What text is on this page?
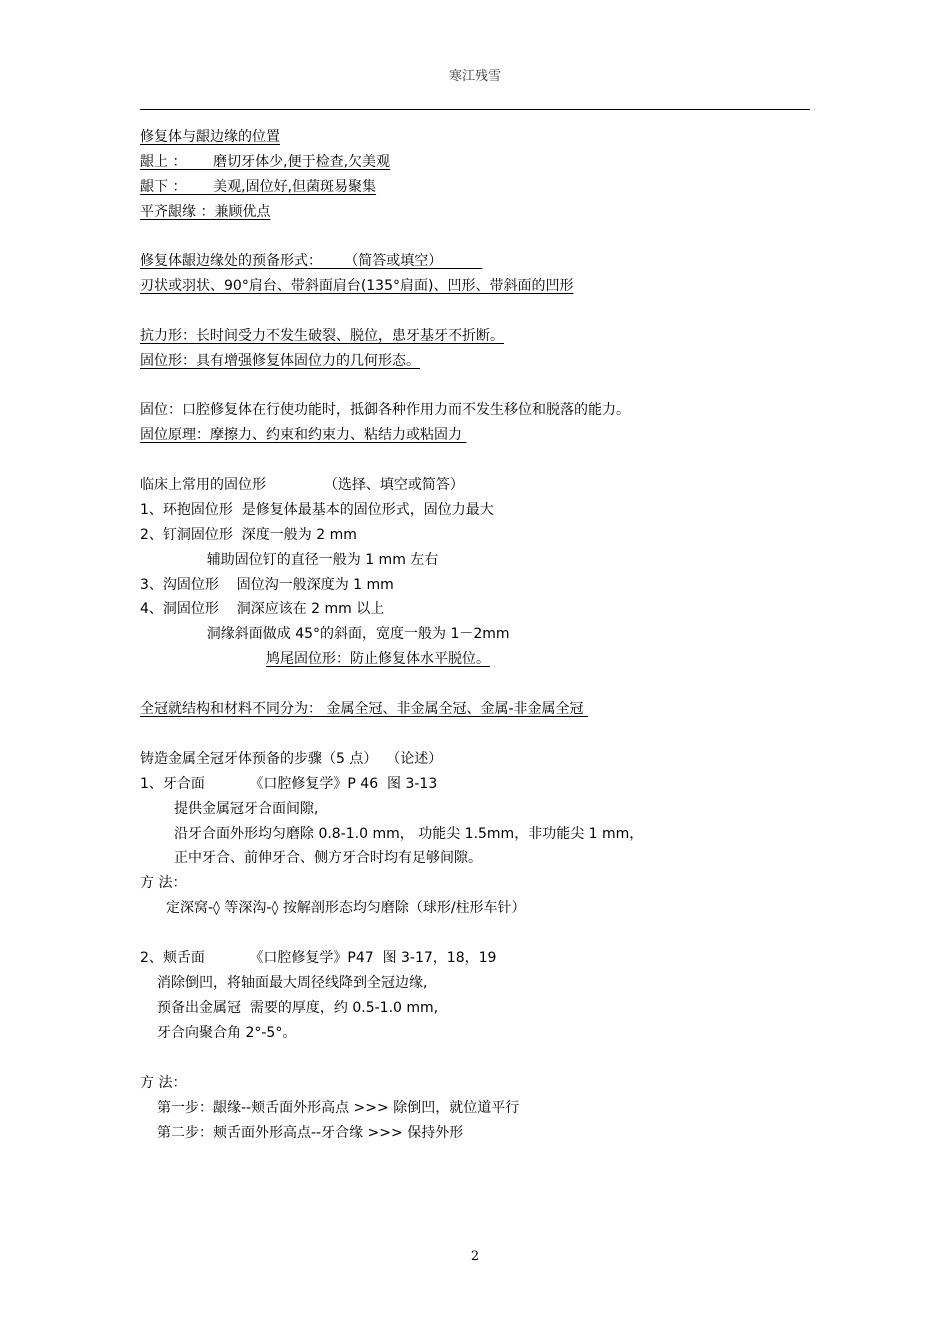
寒江残雪
修复体与龈边缘的位置
龈上 ：      磨切牙体少,便于检查,欠美观
龈下 ：      美观,固位好,但菌斑易聚集
平齐龈缘 ：兼顾优点
修复体龈边缘处的预备形式：     （简答或填空）
刃状或羽状、90°肩台、带斜面肩台(135°肩面)、凹形、带斜面的凹形
抗力形：长时间受力不发生破裂、脱位，患牙基牙不折断。
固位形：具有增强修复体固位力的几何形态。
固位：口腔修复体在行使功能时，抵御各种作用力而不发生移位和脱落的能力。
固位原理：摩擦力、约束和约束力、粘结力或粘固力
临床上常用的固位形             （选择、填空或简答）
1、环抱固位形  是修复体最基本的固位形式，固位力最大
2、钉洞固位形  深度一般为 2 mm
辅助固位钉的直径一般为 1 mm 左右
3、沟固位形    固位沟一般深度为 1 mm
4、洞固位形    洞深应该在 2 mm 以上
洞缘斜面做成 45°的斜面，宽度一般为 1－2mm
鸠尾固位形：防止修复体水平脱位。
全冠就结构和材料不同分为： 金属全冠、非金属全冠、金属-非金属全冠
铸造金属全冠牙体预备的步骤（5 点）  （论述）
1、牙合面          《口腔修复学》P 46  图 3-13
提供金属冠牙合面间隙,
沿牙合面外形均匀磨除 0.8-1.0 mm， 功能尖 1.5mm，非功能尖 1 mm，
正中牙合、前伸牙合、侧方牙合时均有足够间隙。
方 法：
定深窝-◊ 等深沟-◊ 按解剖形态均匀磨除（球形/柱形车针）
2、颊舌面          《口腔修复学》P47  图 3-17，18，19
消除倒凹，将轴面最大周径线降到全冠边缘,
预备出金属冠  需要的厚度，约 0.5-1.0 mm,
牙合向聚合角 2°-5°。
方 法：
第一步：龈缘--颊舌面外形高点 >>> 除倒凹，就位道平行
第二步：颊舌面外形高点--牙合缘 >>> 保持外形
2
